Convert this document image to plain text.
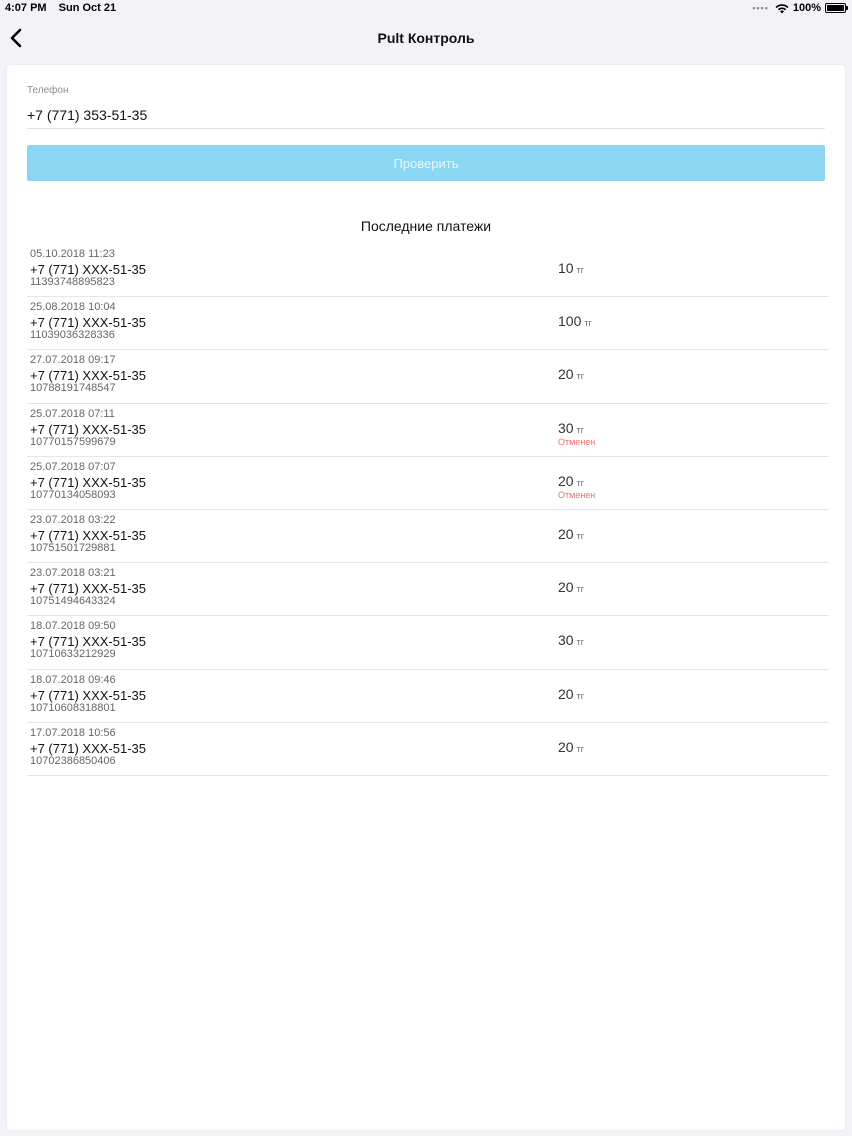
4:07 PM Sun Oct 21	•••• 100%
Pult Контроль
Телефон
+7 (771) 353-51-35
Проверить
Последние платежи
05.10.2018 11:23
+7 (771) XXX-51-35
11393748895823
10 тг
25.08.2018 10:04
+7 (771) XXX-51-35
11039036328336
100 тг
27.07.2018 09:17
+7 (771) XXX-51-35
10788191748547
20 тг
25.07.2018 07:11
+7 (771) XXX-51-35
10770157599679
30 тг
Отменен
25.07.2018 07:07
+7 (771) XXX-51-35
10770134058093
20 тг
Отменен
23.07.2018 03:22
+7 (771) XXX-51-35
10751501729881
20 тг
23.07.2018 03:21
+7 (771) XXX-51-35
10751494643324
20 тг
18.07.2018 09:50
+7 (771) XXX-51-35
10710633212929
30 тг
18.07.2018 09:46
+7 (771) XXX-51-35
10710608318801
20 тг
17.07.2018 10:56
+7 (771) XXX-51-35
10702386850406
20 тг
